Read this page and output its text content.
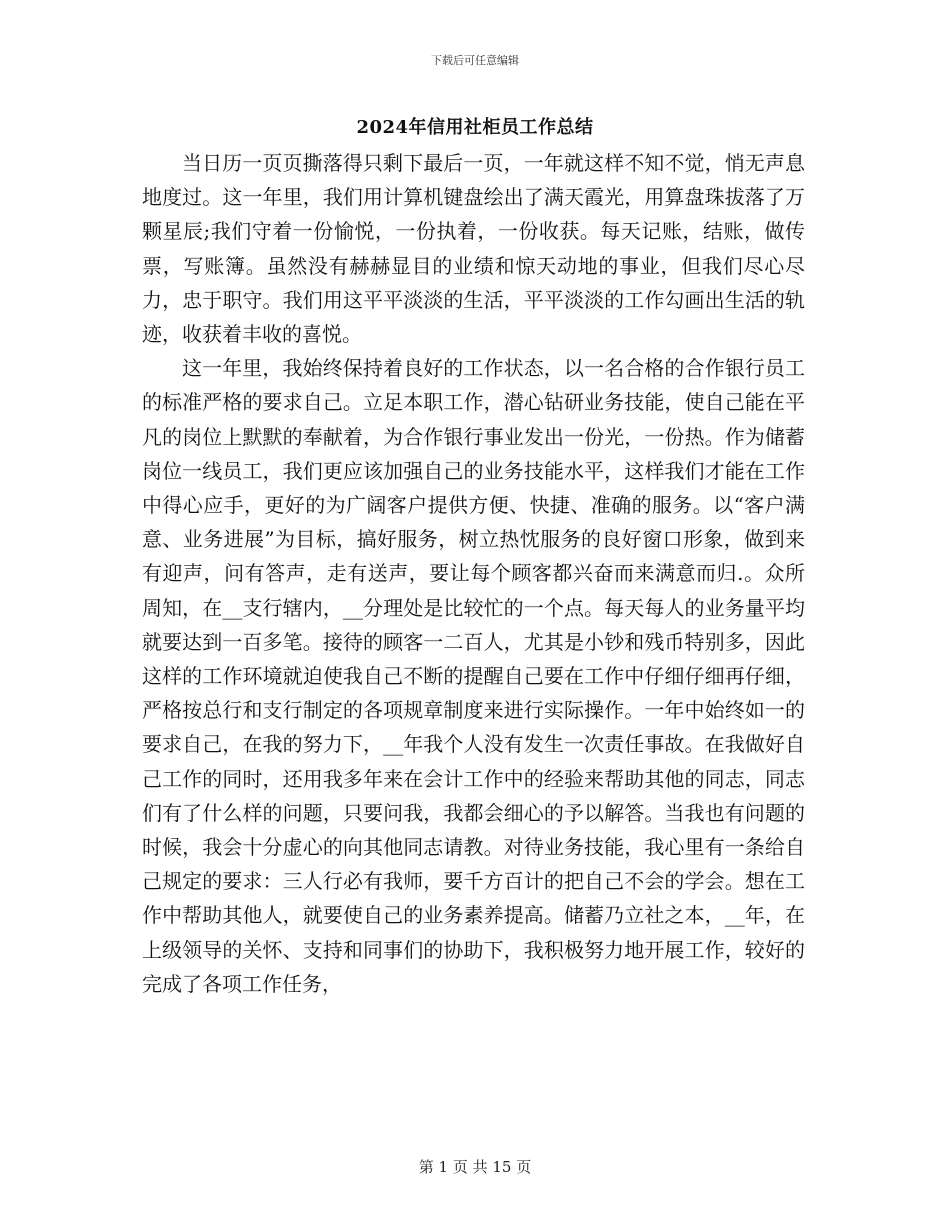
下载后可任意编辑
2024年信用社柜员工作总结

当日历一页页撕落得只剩下最后一页，一年就这样不知不觉，悄无声息地度过。这一年里，我们用计算机键盘绘出了满天霞光，用算盘珠拔落了万颗星辰;我们守着一份愉悦，一份执着，一份收获。每天记账，结账，做传票，写账簿。虽然没有赫赫显目的业绩和惊天动地的事业，但我们尽心尽力，忠于职守。我们用这平平淡淡的生活，平平淡淡的工作勾画出生活的轨迹，收获着丰收的喜悦。

这一年里，我始终保持着良好的工作状态，以一名合格的合作银行员工的标准严格的要求自己。立足本职工作，潜心钻研业务技能，使自己能在平凡的岗位上默默的奉献着，为合作银行事业发出一份光，一份热。作为储蓄岗位一线员工，我们更应该加强自己的业务技能水平，这样我们才能在工作中得心应手，更好的为广阔客户提供方便、快捷、准确的服务。以“客户满意、业务进展”为目标，搞好服务，树立热忱服务的良好窗口形象，做到来有迎声，问有答声，走有送声，要让每个顾客都兴奋而来满意而归.。众所周知，在__支行辖内，__分理处是比较忙的一个点。每天每人的业务量平均就要达到一百多笔。接待的顾客一二百人，尤其是小钞和残币特别多，因此这样的工作环境就迫使我自己不断的提醒自己要在工作中仔细仔细再仔细，严格按总行和支行制定的各项规章制度来进行实际操作。一年中始终如一的要求自己，在我的努力下，__年我个人没有发生一次责任事故。在我做好自己工作的同时，还用我多年来在会计工作中的经验来帮助其他的同志，同志们有了什么样的问题，只要问我，我都会细心的予以解答。当我也有问题的时候，我会十分虚心的向其他同志请教。对待业务技能，我心里有一条给自己规定的要求：三人行必有我师，要千方百计的把自己不会的学会。想在工作中帮助其他人，就要使自己的业务素养提高。储蓄乃立社之本，__年，在上级领导的关怀、支持和同事们的协助下，我积极努力地开展工作，较好的完成了各项工作任务，

第 1 页 共 15 页
